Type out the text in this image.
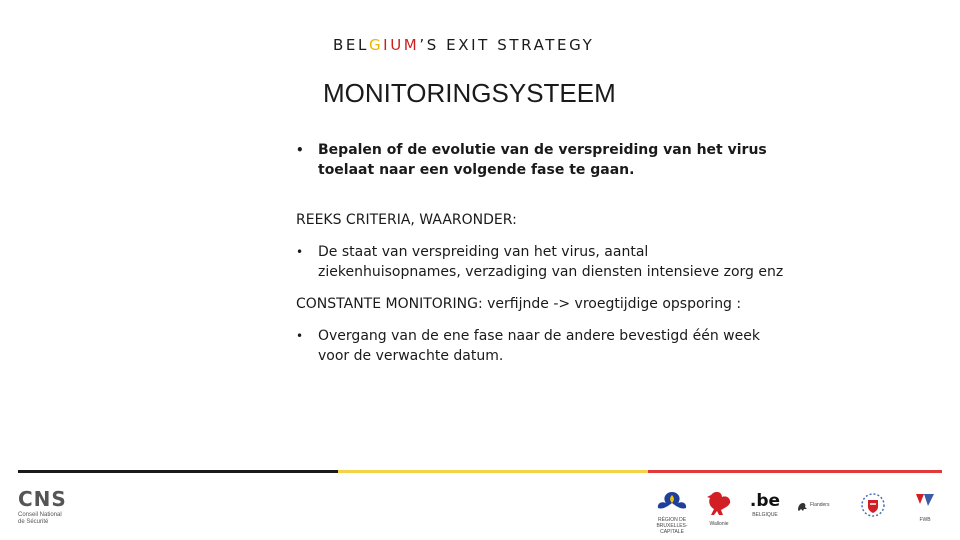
BELGIUM’S EXIT STRATEGY
MONITORINGSYSTEEM
• Bepalen of de evolutie van de verspreiding van het virus toelaat naar een volgende fase te gaan.
REEKS CRITERIA, WAARONDER:
• De staat van verspreiding van het virus, aantal ziekenhuisopnames, verzadiging van diensten intensieve zorg enz
CONSTANTE MONITORING: verfijnde -> vroegtijdige opsporing :
• Overgang van de ene fase naar de andere bevestigd één week voor de verwachte datum.
CNS
Conseil National
de Sécurité	RÉGION DE
BRUXELLES-
CAPITALE
Wallonie
.be
BELGIQUE
Flanders
FWB
